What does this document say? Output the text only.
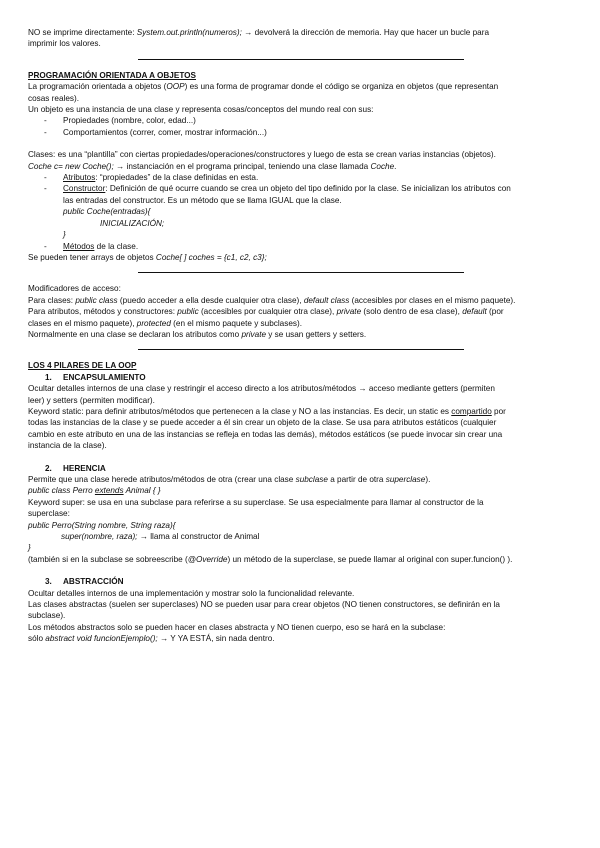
NO se imprime directamente: System.out.println(numeros); → devolverá la dirección de memoria. Hay que hacer un bucle para

imprimir los valores.

PROGRAMACIÓN ORIENTADA A OBJETOS

La programación orientada a objetos (OOP) es una forma de programar donde el código se organiza en objetos (que representan

cosas reales).

Un objeto es una instancia de una clase y representa cosas/conceptos del mundo real con sus:

- Propiedades (nombre, color, edad...)

- Comportamientos (correr, comer, mostrar información...)

Clases: es una “plantilla” con ciertas propiedades/operaciones/constructores y luego de esta se crean varias instancias (objetos).

Coche c= new Coche(); → instanciación en el programa principal, teniendo una clase llamada Coche.

- Atributos: “propiedades” de la clase definidas en esta.

- Constructor: Definición de qué ocurre cuando se crea un objeto del tipo definido por la clase. Se inicializan los atributos con

las entradas del constructor. Es un método que se llama IGUAL que la clase.

public Coche(entradas){

INICIALIZACIÓN;

}

- Métodos de la clase.

Se pueden tener arrays de objetos Coche[ ] coches = {c1, c2, c3};

Modificadores de acceso:

Para clases: public class (puedo acceder a ella desde cualquier otra clase), default class (accesibles por clases en el mismo paquete).

Para atributos, métodos y constructores: public (accesibles por cualquier otra clase), private (solo dentro de esa clase), default (por

clases en el mismo paquete), protected (en el mismo paquete y subclases).

Normalmente en una clase se declaran los atributos como private y se usan getters y setters.

LOS 4 PILARES DE LA OOP

1. ENCAPSULAMIENTO

Ocultar detalles internos de una clase y restringir el acceso directo a los atributos/métodos → acceso mediante getters (permiten

leer) y setters (permiten modificar).

Keyword static: para definir atributos/métodos que pertenecen a la clase y NO a las instancias. Es decir, un static es compartido por

todas las instancias de la clase y se puede acceder a él sin crear un objeto de la clase. Se usa para atributos estáticos (cualquier

cambio en este atributo en una de las instancias se refleja en todas las demás), métodos estáticos (se puede invocar sin crear una

instancia de la clase).

2. HERENCIA

Permite que una clase herede atributos/métodos de otra (crear una clase subclase a partir de otra superclase).

public class Perro extends Animal { }

Keyword super: se usa en una subclase para referirse a su superclase. Se usa especialmente para llamar al constructor de la

superclase:

public Perro(String nombre, String raza){

super(nombre, raza); → llama al constructor de Animal

}

(también si en la subclase se sobreescribe (@Override) un método de la superclase, se puede llamar al original con super.funcion() ).

3. ABSTRACCIÓN

Ocultar detalles internos de una implementación y mostrar solo la funcionalidad relevante.

Las clases abstractas (suelen ser superclases) NO se pueden usar para crear objetos (NO tienen constructores, se definirán en la

subclase).

Los métodos abstractos solo se pueden hacer en clases abstracta y NO tienen cuerpo, eso se hará en la subclase:

sólo abstract void funcionEjemplo(); → Y YA ESTÁ, sin nada dentro.
